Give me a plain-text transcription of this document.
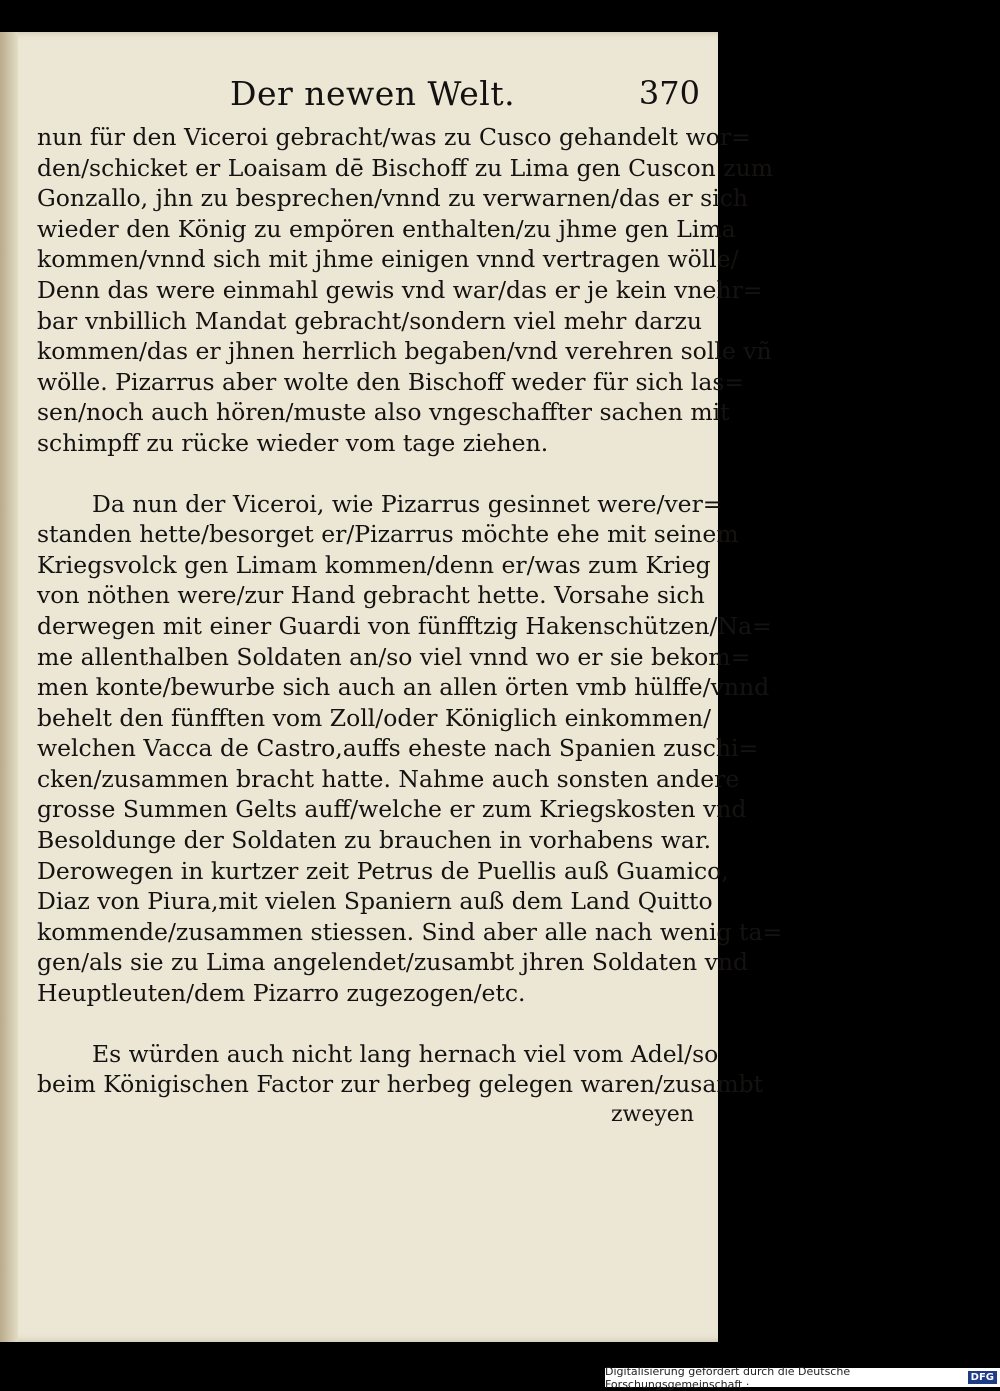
Der newen Welt.	370
nun für den Viceroi gebracht/was zu Cusco gehandelt wor=
den/schicket er Loaisam dē Bischoff zu Lima gen Cuscon zum
Gonzallo, jhn zu besprechen/vnnd zu verwarnen/das er sich
wieder den König zu empören enthalten/zu jhme gen Lima
kommen/vnnd sich mit jhme einigen vnnd vertragen wölle/
Denn das were einmahl gewis vnd war/das er je kein vnehr=
bar vnbillich Mandat gebracht/sondern viel mehr darzu
kommen/das er jhnen herrlich begaben/vnd verehren solle vñ
wölle. Pizarrus aber wolte den Bischoff weder für sich las=
sen/noch auch hören/muste also vngeschaffter sachen mit
schimpff zu rücke wieder vom tage ziehen.
Da nun der Viceroi, wie Pizarrus gesinnet were/ver=
standen hette/besorget er/Pizarrus möchte ehe mit seinem
Kriegsvolck gen Limam kommen/denn er/was zum Krieg
von nöthen were/zur Hand gebracht hette. Vorsahe sich
derwegen mit einer Guardi von fünfftzig Hakenschützen/Na=
me allenthalben Soldaten an/so viel vnnd wo er sie bekom=
men konte/bewurbe sich auch an allen örten vmb hülffe/vnnd
behelt den fünfften vom Zoll/oder Königlich einkommen/
welchen Vacca de Castro,auffs eheste nach Spanien zuschi=
cken/zusammen bracht hatte. Nahme auch sonsten andere
grosse Summen Gelts auff/welche er zum Kriegskosten vnd
Besoldunge der Soldaten zu brauchen in vorhabens war.
Derowegen in kurtzer zeit Petrus de Puellis auß Guamico,
Diaz von Piura,mit vielen Spaniern auß dem Land Quitto
kommende/zusammen stiessen. Sind aber alle nach wenig ta=
gen/als sie zu Lima angelendet/zusambt jhren Soldaten vnd
Heuptleuten/dem Pizarro zugezogen/etc.
Es würden auch nicht lang hernach viel vom Adel/so
beim Königischen Factor zur herbeg gelegen waren/zusambt
zweyen
Digitalisierung gefördert durch die Deutsche Forschungsgemeinschaft ·	DFG
